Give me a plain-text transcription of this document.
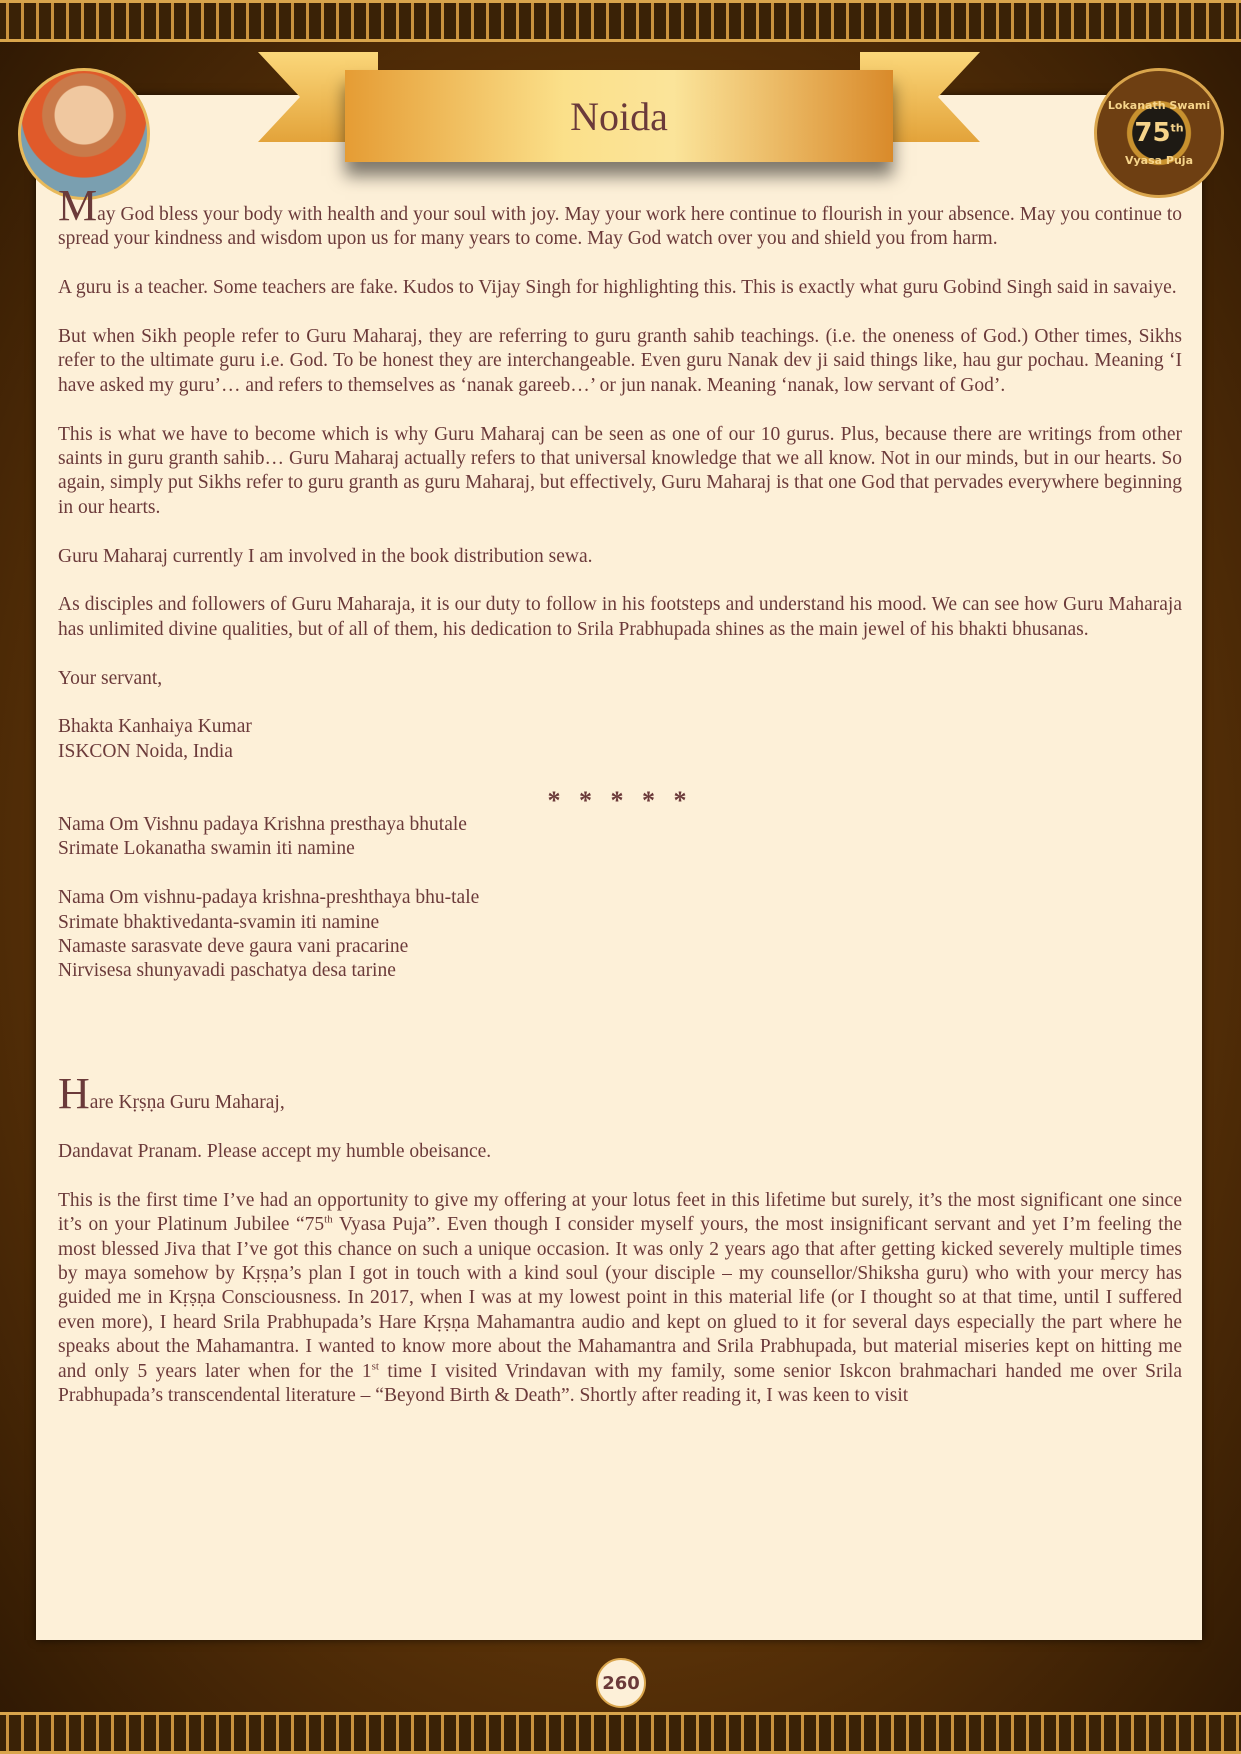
Noida	Lokanath Swami
75th
Vyasa Puja

May God bless your body with health and your soul with joy. May your work here continue to flourish in your absence. May you continue to spread your kindness and wisdom upon us for many years to come. May God watch over you and shield you from harm.

A guru is a teacher. Some teachers are fake. Kudos to Vijay Singh for highlighting this. This is exactly what guru Gobind Singh said in savaiye.

But when Sikh people refer to Guru Maharaj, they are referring to guru granth sahib teachings. (i.e. the oneness of God.) Other times, Sikhs refer to the ultimate guru i.e. God. To be honest they are interchangeable. Even guru Nanak dev ji said things like, hau gur pochau. Meaning ‘I have asked my guru’… and refers to themselves as ‘nanak gareeb…’ or jun nanak. Meaning ‘nanak, low servant of God’.

This is what we have to become which is why Guru Maharaj can be seen as one of our 10 gurus. Plus, because there are writings from other saints in guru granth sahib… Guru Maharaj actually refers to that universal knowledge that we all know. Not in our minds, but in our hearts. So again, simply put Sikhs refer to guru granth as guru Maharaj, but effectively, Guru Maharaj is that one God that pervades everywhere beginning in our hearts.

Guru Maharaj currently I am involved in the book distribution sewa.

As disciples and followers of Guru Maharaja, it is our duty to follow in his footsteps and understand his mood. We can see how Guru Maharaja has unlimited divine qualities, but of all of them, his dedication to Srila Prabhupada shines as the main jewel of his bhakti bhusanas.

Your servant,

Bhakta Kanhaiya Kumar
ISKCON Noida, India

* * * * *

Nama Om Vishnu padaya Krishna presthaya bhutale
Srimate Lokanatha swamin iti namine

Nama Om vishnu-padaya krishna-preshthaya bhu-tale
Srimate bhaktivedanta-svamin iti namine
Namaste sarasvate deve gaura vani pracarine
Nirvisesa shunyavadi paschatya desa tarine

Hare Kṛṣṇa Guru Maharaj,

Dandavat Pranam. Please accept my humble obeisance.

This is the first time I’ve had an opportunity to give my offering at your lotus feet in this lifetime but surely, it’s the most significant one since it’s on your Platinum Jubilee “75th Vyasa Puja”. Even though I consider myself yours, the most insignificant servant and yet I’m feeling the most blessed Jiva that I’ve got this chance on such a unique occasion. It was only 2 years ago that after getting kicked severely multiple times by maya somehow by Kṛṣṇa’s plan I got in touch with a kind soul (your disciple – my counsellor/Shiksha guru) who with your mercy has guided me in Kṛṣṇa Consciousness. In 2017, when I was at my lowest point in this material life (or I thought so at that time, until I suffered even more), I heard Srila Prabhupada’s Hare Kṛṣṇa Mahamantra audio and kept on glued to it for several days especially the part where he speaks about the Mahamantra. I wanted to know more about the Mahamantra and Srila Prabhupada, but material miseries kept on hitting me and only 5 years later when for the 1st time I visited Vrindavan with my family, some senior Iskcon brahmachari handed me over Srila Prabhupada’s transcendental literature – “Beyond Birth & Death”. Shortly after reading it, I was keen to visit

260
